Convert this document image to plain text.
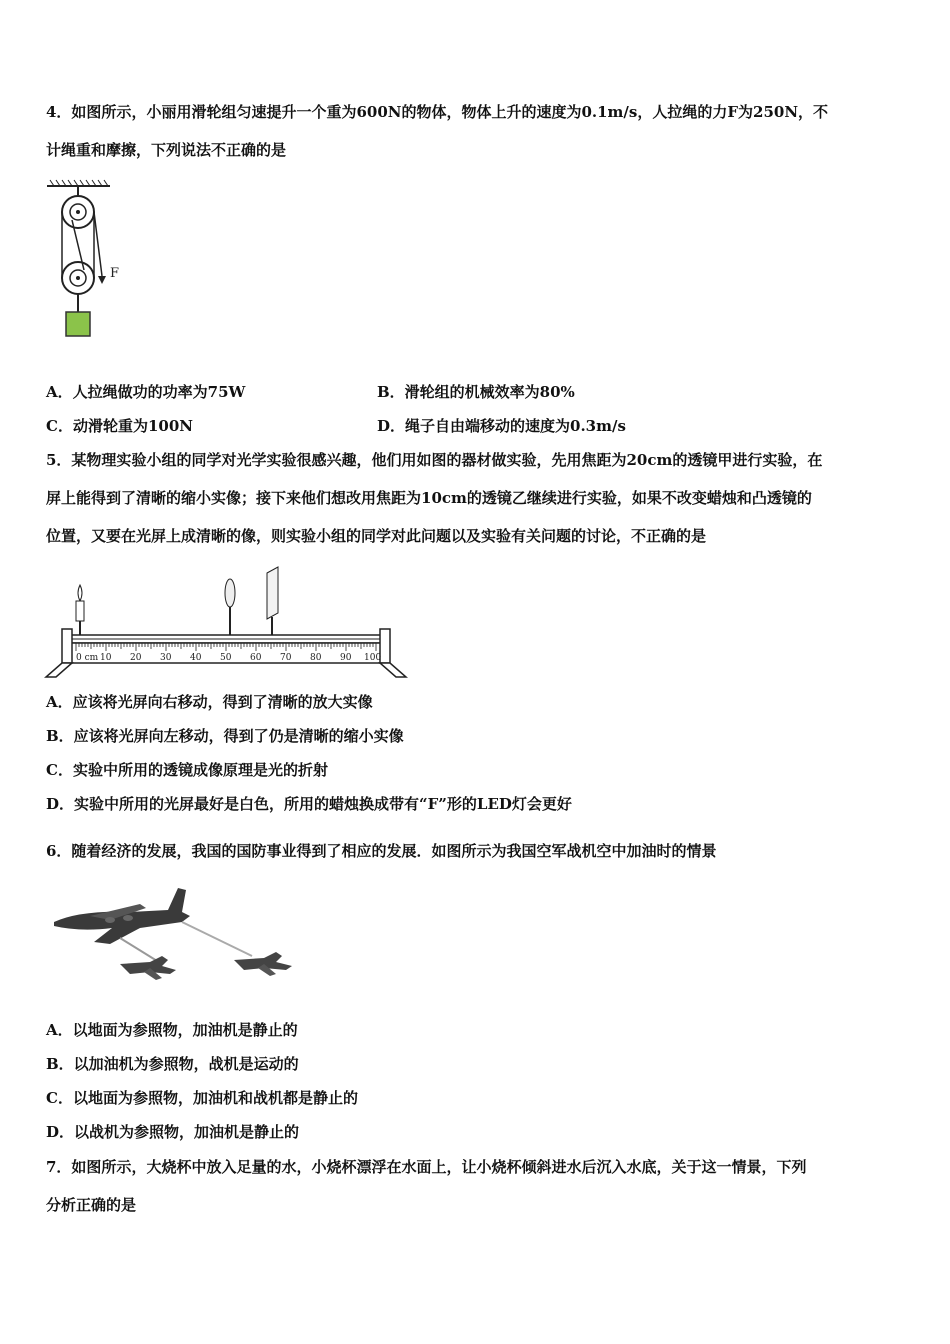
4．如图所示，小丽用滑轮组匀速提升一个重为600N的物体，物体上升的速度为0.1m/s，人拉绳的力F为250N，不
计绳重和摩擦，下列说法不正确的是
F
A．人拉绳做功的功率为75W	B．滑轮组的机械效率为80%
C．动滑轮重为100N	D．绳子自由端移动的速度为0.3m/s
5．某物理实验小组的同学对光学实验很感兴趣，他们用如图的器材做实验，先用焦距为20cm的透镜甲进行实验，在
屏上能得到了清晰的缩小实像；接下来他们想改用焦距为10cm的透镜乙继续进行实验，如果不改变蜡烛和凸透镜的
位置，又要在光屏上成清晰的像，则实验小组的同学对此问题以及实验有关问题的讨论，不正确的是
0 cm 10 20 30 40 50 60 70 80 90 100
A．应该将光屏向右移动，得到了清晰的放大实像
B．应该将光屏向左移动，得到了仍是清晰的缩小实像
C．实验中所用的透镜成像原理是光的折射
D．实验中所用的光屏最好是白色，所用的蜡烛换成带有“F”形的LED灯会更好
6．随着经济的发展，我国的国防事业得到了相应的发展．如图所示为我国空军战机空中加油时的情景
A．以地面为参照物，加油机是静止的
B．以加油机为参照物，战机是运动的
C．以地面为参照物，加油机和战机都是静止的
D．以战机为参照物，加油机是静止的
7．如图所示，大烧杯中放入足量的水，小烧杯漂浮在水面上，让小烧杯倾斜进水后沉入水底，关于这一情景，下列
分析正确的是
